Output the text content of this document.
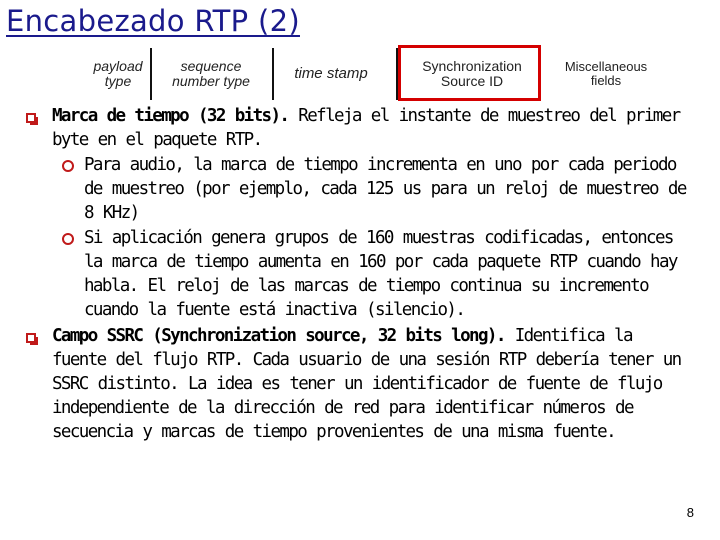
Encabezado RTP (2)
payload type
sequence number type	time stamp	Synchronization Source ID
Miscellaneous fields
Marca de tiempo (32 bits). Refleja el instante de muestreo del primer byte en el paquete RTP.
Para audio, la marca de tiempo incrementa en uno por cada periodo de muestreo (por ejemplo, cada 125 us para un reloj de muestreo de 8 KHz)
Si aplicación genera grupos de 160 muestras codificadas, entonces la marca de tiempo aumenta en 160 por cada paquete RTP cuando hay habla. El reloj de las marcas de tiempo continua su incremento cuando la fuente está inactiva (silencio).
Campo SSRC (Synchronization source, 32 bits long). Identifica la fuente del flujo RTP. Cada usuario de una sesión RTP debería tener un SSRC distinto. La idea es tener un identificador de fuente de flujo independiente de la dirección de red para identificar números de secuencia y marcas de tiempo provenientes de una misma fuente.
8
